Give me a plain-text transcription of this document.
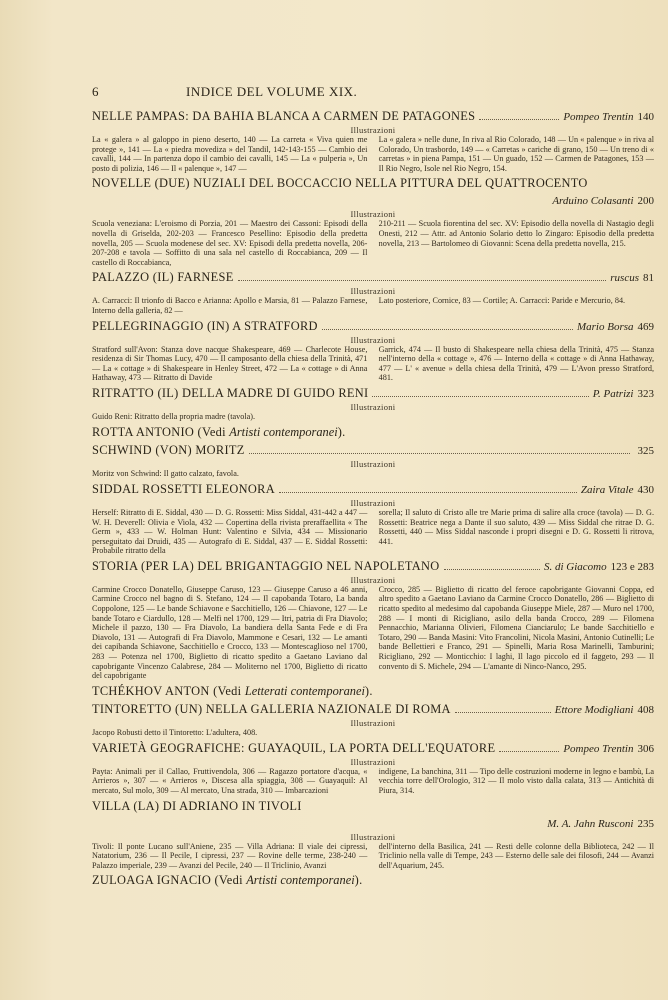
6	INDICE DEL VOLUME XIX.
NELLE PAMPAS: DA BAHIA BLANCA A CARMEN DE PATAGONES	Pompeo Trentin 140
Illustrazioni
La « galera » al galoppo in pieno deserto, 140 — La carreta « Viva quien me protege », 141 — La « piedra movediza » del Tandil, 142-143-155 — Cambio dei cavalli, 144 — In partenza dopo il cambio dei cavalli, 145 — La « pulperia », Un posto di polizia, 146 — Il « palenque », 147 —
La « galera » nelle dune, In riva al Rio Colorado, 148 — Un « palenque » in riva al Colorado, Un trasbordo, 149 — « Carretas » cariche di grano, 150 — Un treno di « carretas » in piena Pampa, 151 — Un guado, 152 — Carmen de Patagones, 153 — Il Rio Negro, Isole nel Rio Negro, 154.
NOVELLE (DUE) NUZIALI DEL BOCCACCIO NELLA PITTURA DEL QUATTROCENTO
Arduino Colasanti 200
Illustrazioni
Scuola veneziana: L'eroismo di Porzia, 201 — Maestro dei Cassoni: Episodi della novella di Griselda, 202-203 — Francesco Pesellino: Episodio della predetta novella, 205 — Scuola modenese del sec. XV: Episodi della predetta novella, 206-207-208 e tavola — Soffitto di una sala nel castello di Roccabianca, 209 — Il castello di Roccabianca,
210-211 — Scuola fiorentina del sec. XV: Episodio della novella di Nastagio degli Onesti, 212 — Attr. ad Antonio Solario detto lo Zingaro: Episodio della predetta novella, 213 — Bartolomeo di Giovanni: Scena della predetta novella, 215.
PALAZZO (IL) FARNESE	ruscus 81
Illustrazioni
A. Carracci: Il trionfo di Bacco e Arianna: Apollo e Marsia, 81 — Palazzo Farnese, Interno della galleria, 82 —
Lato posteriore, Cornice, 83 — Cortile; A. Carracci: Paride e Mercurio, 84.
PELLEGRINAGGIO (IN) A STRATFORD	Mario Borsa 469
Illustrazioni
Stratford sull'Avon: Stanza dove nacque Shakespeare, 469 — Charlecote House, residenza di Sir Thomas Lucy, 470 — Il camposanto della chiesa della Trinità, 471 — La « cottage » di Shakespeare in Henley Street, 472 — La « cottage » di Anna Hathaway, 473 — Ritratto di Davide
Garrick, 474 — Il busto di Shakespeare nella chiesa della Trinità, 475 — Stanza nell'interno della « cottage », 476 — Interno della « cottage » di Anna Hathaway, 477 — L' « avenue » della chiesa della Trinità, 479 — L'Avon presso Stratford, 481.
RITRATTO (IL) DELLA MADRE DI GUIDO RENI	P. Patrizi 323
Illustrazioni
Guido Reni: Ritratto della propria madre (tavola).
ROTTA ANTONIO (Vedi Artisti contemporanei).
SCHWIND (VON) MORITZ	325
Illustrazioni
Moritz von Schwind: Il gatto calzato, favola.
SIDDAL ROSSETTI ELEONORA	Zaira Vitale 430
Illustrazioni
Herself: Ritratto di E. Siddal, 430 — D. G. Rossetti: Miss Siddal, 431-442 a 447 — W. H. Deverell: Olivia e Viola, 432 — Copertina della rivista preraffaellita « The Germ », 433 — W. Holman Hunt: Valentino e Silvia, 434 — Missionario perseguitato dai Druidi, 435 — Autografo di E. Siddal, 437 — E. Siddal Rossetti: Probabile ritratto della
sorella; Il saluto di Cristo alle tre Marie prima di salire alla croce (tavola) — D. G. Rossetti: Beatrice nega a Dante il suo saluto, 439 — Miss Siddal che ritrae D. G. Rossetti, 440 — Miss Siddal nasconde i propri disegni e D. G. Rossetti li ritrova, 441.
STORIA (PER LA) DEL BRIGANTAGGIO NEL NAPOLETANO	S. di Giacomo 123 e 283
Illustrazioni
Carmine Crocco Donatello, Giuseppe Caruso, 123 — Giuseppe Caruso a 46 anni, Carmine Crocco nel bagno di S. Stefano, 124 — Il capobanda Totaro, La banda Coppolone, 125 — Le bande Schiavone e Sacchitiello, 126 — Chiavone, 127 — Le bande Totaro e Ciardullo, 128 — Melfi nel 1700, 129 — Itri, patria di Fra Diavolo; Michele il pazzo, 130 — Fra Diavolo, La bandiera della Santa Fede e di Fra Diavolo, 131 — Autografi di Fra Diavolo, Mammone e Cesari, 132 — Le amanti dei capibanda Schiavone, Sacchitiello e Crocco, 133 — Montescaglioso nel 1700, 283 — Potenza nel 1700, Biglietto di ricatto spedito a Gaetano Laviano dal capobrigante Vincenzo Calabrese, 284 — Moliterno nel 1700, Biglietto di ricatto del capobrigante
Crocco, 285 — Biglietto di ricatto del feroce capobrigante Giovanni Coppa, ed altro spedito a Gaetano Laviano da Carmine Crocco Donatello, 286 — Biglietto di ricatto spedito al medesimo dal capobanda Giuseppe Miele, 287 — Muro nel 1700, 288 — I monti di Ricigliano, asilo della banda Crocco, 289 — Filomena Pennacchio, Marianna Olivieri, Filomena Cianciarulo; Le bande Sacchitiello e Totaro, 290 — Banda Masini: Vito Francolini, Nicola Masini, Antonio Cutinelli; Le bande Bellettieri e Franco, 291 — Spinelli, Maria Rosa Marinelli, Tamburini; Ricigliano, 292 — Monticchio: I laghi, Il lago piccolo ed il faggeto, 293 — Il convento di S. Michele, 294 — L'amante di Ninco-Nanco, 295.
TCHÉKHOV ANTON (Vedi Letterati contemporanei).
TINTORETTO (UN) NELLA GALLERIA NAZIONALE DI ROMA	Ettore Modigliani 408
Illustrazioni
Jacopo Robusti detto il Tintoretto: L'adultera, 408.
VARIETÀ GEOGRAFICHE: GUAYAQUIL, LA PORTA DELL'EQUATORE	Pompeo Trentin 306
Illustrazioni
Payta: Animali per il Callao, Fruttivendola, 306 — Ragazzo portatore d'acqua, « Arrieros », 307 — « Arrieros », Discesa alla spiaggia, 308 — Guayaquil: Al mercato, Sul molo, 309 — Al mercato, Una strada, 310 — Imbarcazioni
indigene, La banchina, 311 — Tipo delle costruzioni moderne in legno e bambù, La vecchia torre dell'Orologio, 312 — Il molo visto dalla calata, 313 — Antichità di Piura, 314.
VILLA (LA) DI ADRIANO IN TIVOLI
M. A. Jahn Rusconi 235
Illustrazioni
Tivoli: Il ponte Lucano sull'Aniene, 235 — Villa Adriana: Il viale dei cipressi, Natatorium, 236 — Il Pecile, I cipressi, 237 — Rovine delle terme, 238-240 — Palazzo imperiale, 239 — Avanzi del Pecile, 240 — Il Triclinio, Avanzi
dell'interno della Basilica, 241 — Resti delle colonne della Biblioteca, 242 — Il Triclinio nella valle di Tempe, 243 — Esterno delle sale dei filosofi, 244 — Avanzi dell'Aquarium, 245.
ZULOAGA IGNACIO (Vedi Artisti contemporanei).
